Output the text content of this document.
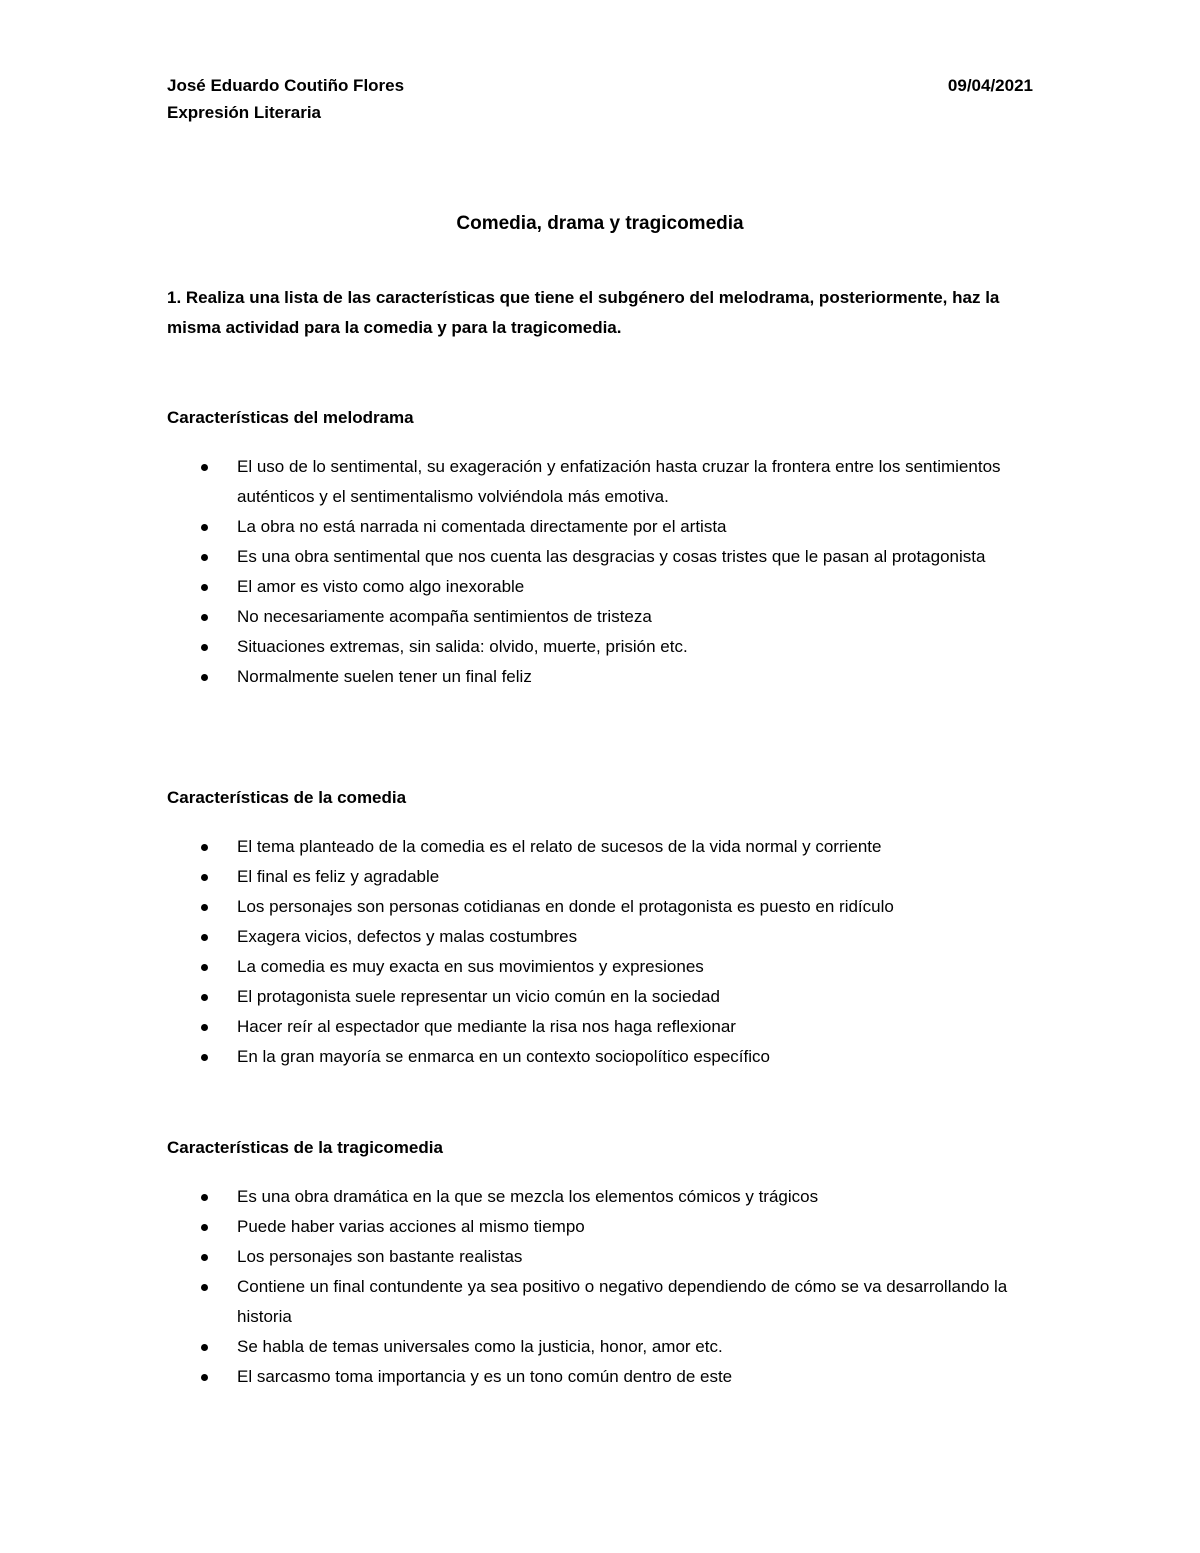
José Eduardo Coutiño Flores	09/04/2021
Expresión Literaria
Comedia, drama y tragicomedia
1. Realiza una lista de las características que tiene el subgénero del melodrama, posteriormente, haz la misma actividad para la comedia y para la tragicomedia.
Características del melodrama
El uso de lo sentimental, su exageración y enfatización hasta cruzar la frontera entre los sentimientos auténticos y el sentimentalismo volviéndola más emotiva.
La obra no está narrada ni comentada directamente por el artista
Es una obra sentimental que nos cuenta las desgracias y cosas tristes que le pasan al protagonista
El amor es visto como algo inexorable
No necesariamente acompaña sentimientos de tristeza
Situaciones extremas, sin salida: olvido, muerte, prisión etc.
Normalmente suelen tener un final feliz
Características de la comedia
El tema planteado de la comedia es el relato de sucesos de la vida normal y corriente
El final es feliz y agradable
Los personajes son personas cotidianas en donde el protagonista es puesto en ridículo
Exagera vicios, defectos y malas costumbres
La comedia es muy exacta en sus movimientos y expresiones
El protagonista suele representar un vicio común en la sociedad
Hacer reír al espectador que mediante la risa nos haga reflexionar
En la gran mayoría se enmarca en un contexto sociopolítico específico
Características de la tragicomedia
Es una obra dramática en la que se mezcla los elementos cómicos y trágicos
Puede haber varias acciones al mismo tiempo
Los personajes son bastante realistas
Contiene un final contundente ya sea positivo o negativo dependiendo de cómo se va desarrollando la historia
Se habla de temas universales como la justicia, honor, amor etc.
El sarcasmo toma importancia y es un tono común dentro de este
